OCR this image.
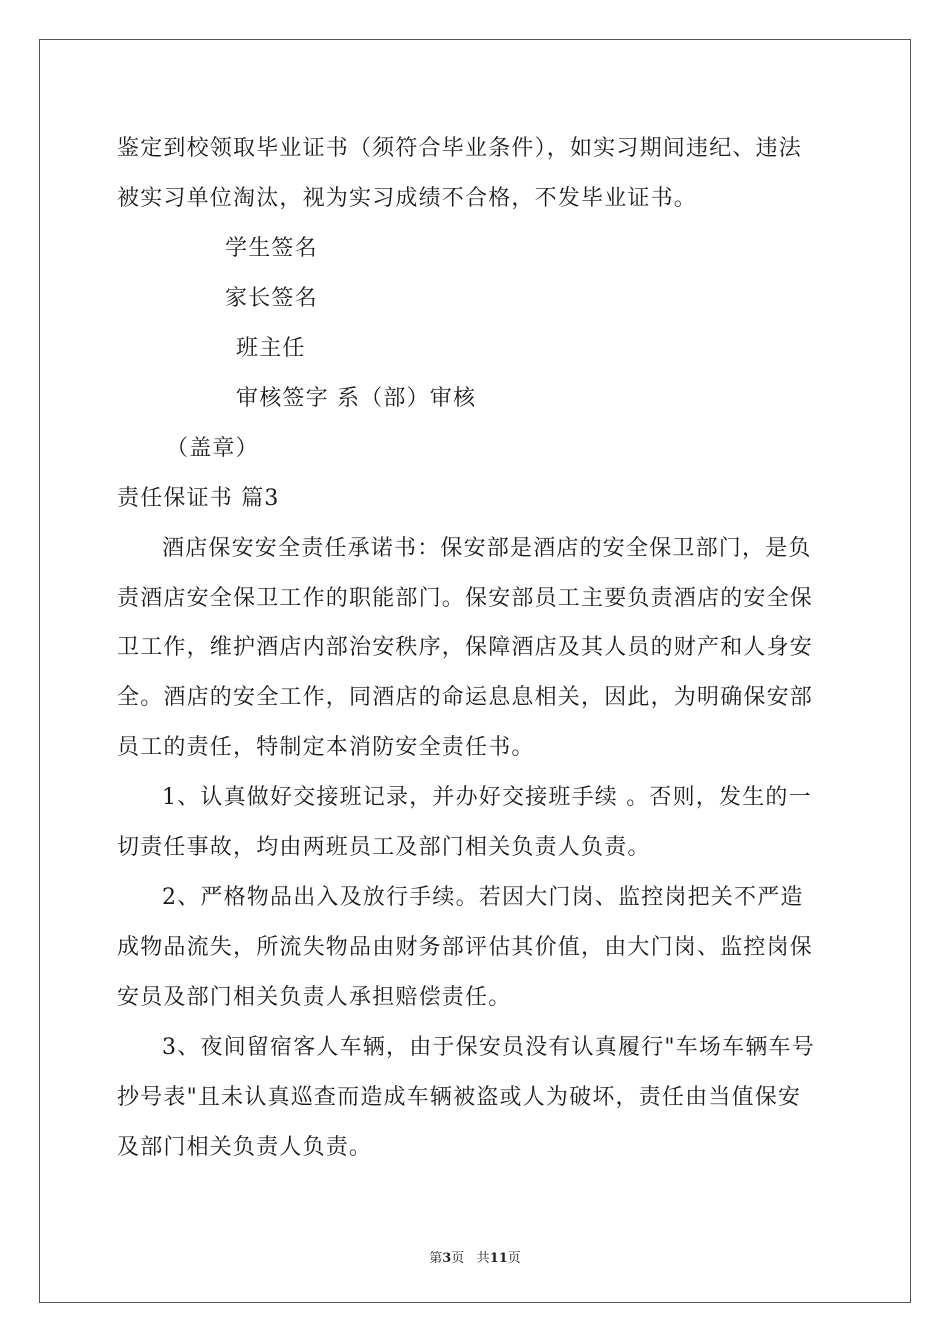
鉴定到校领取毕业证书（须符合毕业条件），如实习期间违纪、违法
被实习单位淘汰，视为实习成绩不合格，不发毕业证书。
学生签名
家长签名
班主任
审核签字 系（部）审核
（盖章）
责任保证书 篇3
酒店保安安全责任承诺书：保安部是酒店的安全保卫部门，是负
责酒店安全保卫工作的职能部门。保安部员工主要负责酒店的安全保
卫工作，维护酒店内部治安秩序，保障酒店及其人员的财产和人身安
全。酒店的安全工作，同酒店的命运息息相关，因此，为明确保安部
员工的责任，特制定本消防安全责任书。
1、认真做好交接班记录，并办好交接班手续 。否则，发生的一
切责任事故，均由两班员工及部门相关负责人负责。
2、严格物品出入及放行手续。若因大门岗、监控岗把关不严造
成物品流失，所流失物品由财务部评估其价值，由大门岗、监控岗保
安员及部门相关负责人承担赔偿责任。
3、夜间留宿客人车辆，由于保安员没有认真履行"车场车辆车号
抄号表"且未认真巡查而造成车辆被盗或人为破坏，责任由当值保安
及部门相关负责人负责。
第3页 共11页
